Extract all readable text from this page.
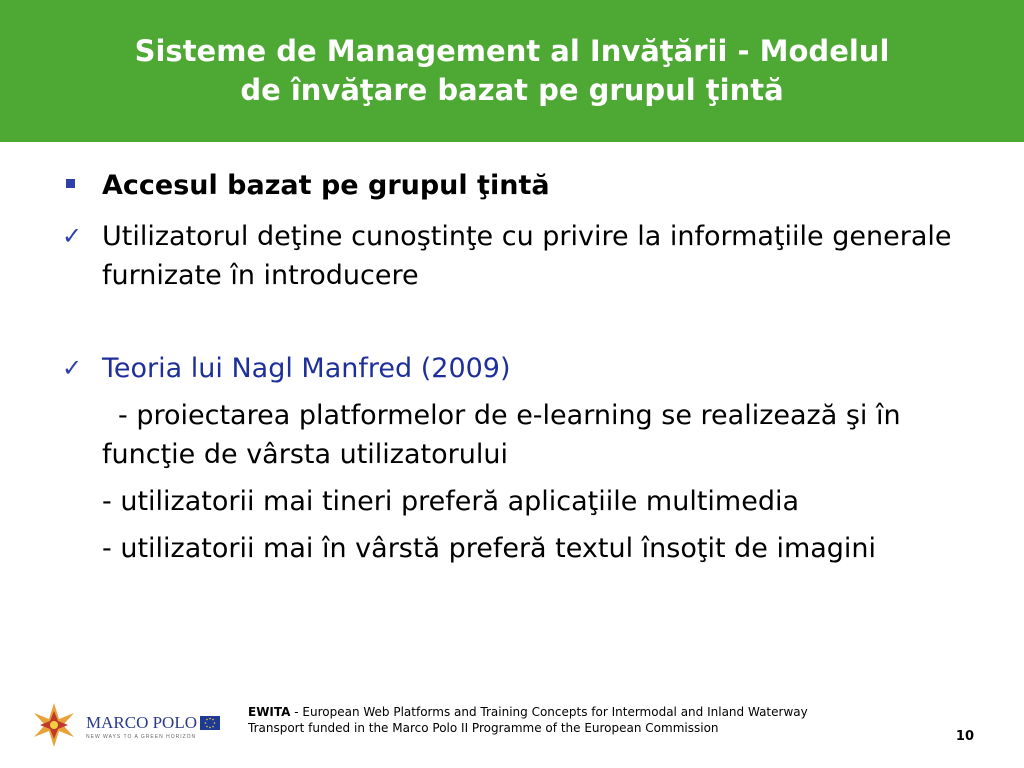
Sisteme de Management al Invăţării - Modelul
de învăţare bazat pe grupul ţintă
Accesul bazat pe grupul ţintă
✓ Utilizatorul deţine cunoştinţe cu privire la informaţiile generale furnizate în introducere
✓ Teoria lui Nagl Manfred (2009)
- proiectarea platformelor de e-learning se realizează şi în funcţie de vârsta utilizatorului
- utilizatorii mai tineri preferă aplicaţiile multimedia
- utilizatorii mai în vârstă preferă textul însoţit de imagini
MARCO POLO
NEW WAYS TO A GREEN HORIZON
EWITA - European Web Platforms and Training Concepts for Intermodal and Inland Waterway
Transport funded in the Marco Polo II Programme of the European Commission
10
